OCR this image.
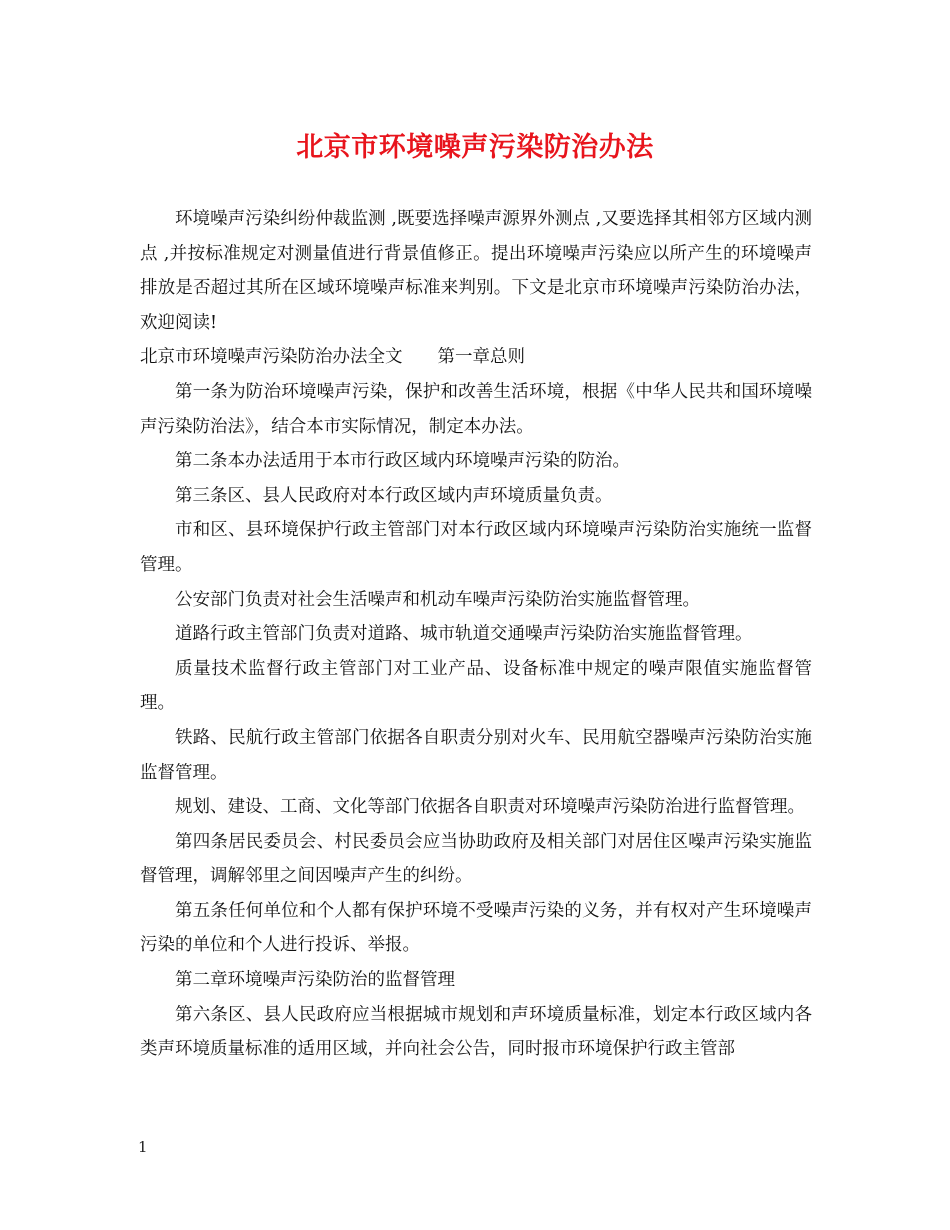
北京市环境噪声污染防治办法

环境噪声污染纠纷仲裁监测 ,既要选择噪声源界外测点 ,又要选择其相邻方区域内测点 ,并按标准规定对测量值进行背景值修正。提出环境噪声污染应以所产生的环境噪声排放是否超过其所在区域环境噪声标准来判别。下文是北京市环境噪声污染防治办法，欢迎阅读!

北京市环境噪声污染防治办法全文　　第一章总则

第一条为防治环境噪声污染，保护和改善生活环境，根据《中华人民共和国环境噪声污染防治法》，结合本市实际情况，制定本办法。

第二条本办法适用于本市行政区域内环境噪声污染的防治。

第三条区、县人民政府对本行政区域内声环境质量负责。

市和区、县环境保护行政主管部门对本行政区域内环境噪声污染防治实施统一监督管理。

公安部门负责对社会生活噪声和机动车噪声污染防治实施监督管理。

道路行政主管部门负责对道路、城市轨道交通噪声污染防治实施监督管理。

质量技术监督行政主管部门对工业产品、设备标准中规定的噪声限值实施监督管理。

铁路、民航行政主管部门依据各自职责分别对火车、民用航空器噪声污染防治实施监督管理。

规划、建设、工商、文化等部门依据各自职责对环境噪声污染防治进行监督管理。

第四条居民委员会、村民委员会应当协助政府及相关部门对居住区噪声污染实施监督管理，调解邻里之间因噪声产生的纠纷。

第五条任何单位和个人都有保护环境不受噪声污染的义务，并有权对产生环境噪声污染的单位和个人进行投诉、举报。

第二章环境噪声污染防治的监督管理

第六条区、县人民政府应当根据城市规划和声环境质量标准，划定本行政区域内各类声环境质量标准的适用区域，并向社会公告，同时报市环境保护行政主管部

1
